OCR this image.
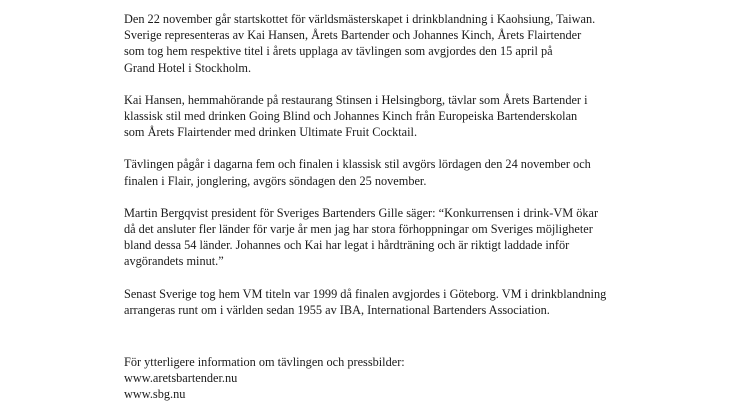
Den 22 november går startskottet för världsmästerskapet i drinkblandning i Kaohsiung, Taiwan.
Sverige representeras av Kai Hansen, Årets Bartender och Johannes Kinch, Årets Flairtender
som tog hem respektive titel i årets upplaga av tävlingen som avgjordes den 15 april på
Grand Hotel i Stockholm.

Kai Hansen, hemmahörande på restaurang Stinsen i Helsingborg, tävlar som Årets Bartender i
klassisk stil med drinken Going Blind och Johannes Kinch från Europeiska Bartenderskolan
som Årets Flairtender med drinken Ultimate Fruit Cocktail.

Tävlingen pågår i dagarna fem och finalen i klassisk stil avgörs lördagen den 24 november och
finalen i Flair, jonglering, avgörs söndagen den 25 november.

Martin Bergqvist president för Sveriges Bartenders Gille säger: “Konkurrensen i drink-VM ökar
då det ansluter fler länder för varje år men jag har stora förhoppningar om Sveriges möjligheter
bland dessa 54 länder. Johannes och Kai har legat i hårdträning och är riktigt laddade inför
avgörandets minut.”

Senast Sverige tog hem VM titeln var 1999 då finalen avgjordes i Göteborg. VM i drinkblandning
arrangeras runt om i världen sedan 1955 av IBA, International Bartenders Association.

För ytterligere information om tävlingen och pressbilder:
www.aretsbartender.nu
www.sbg.nu
